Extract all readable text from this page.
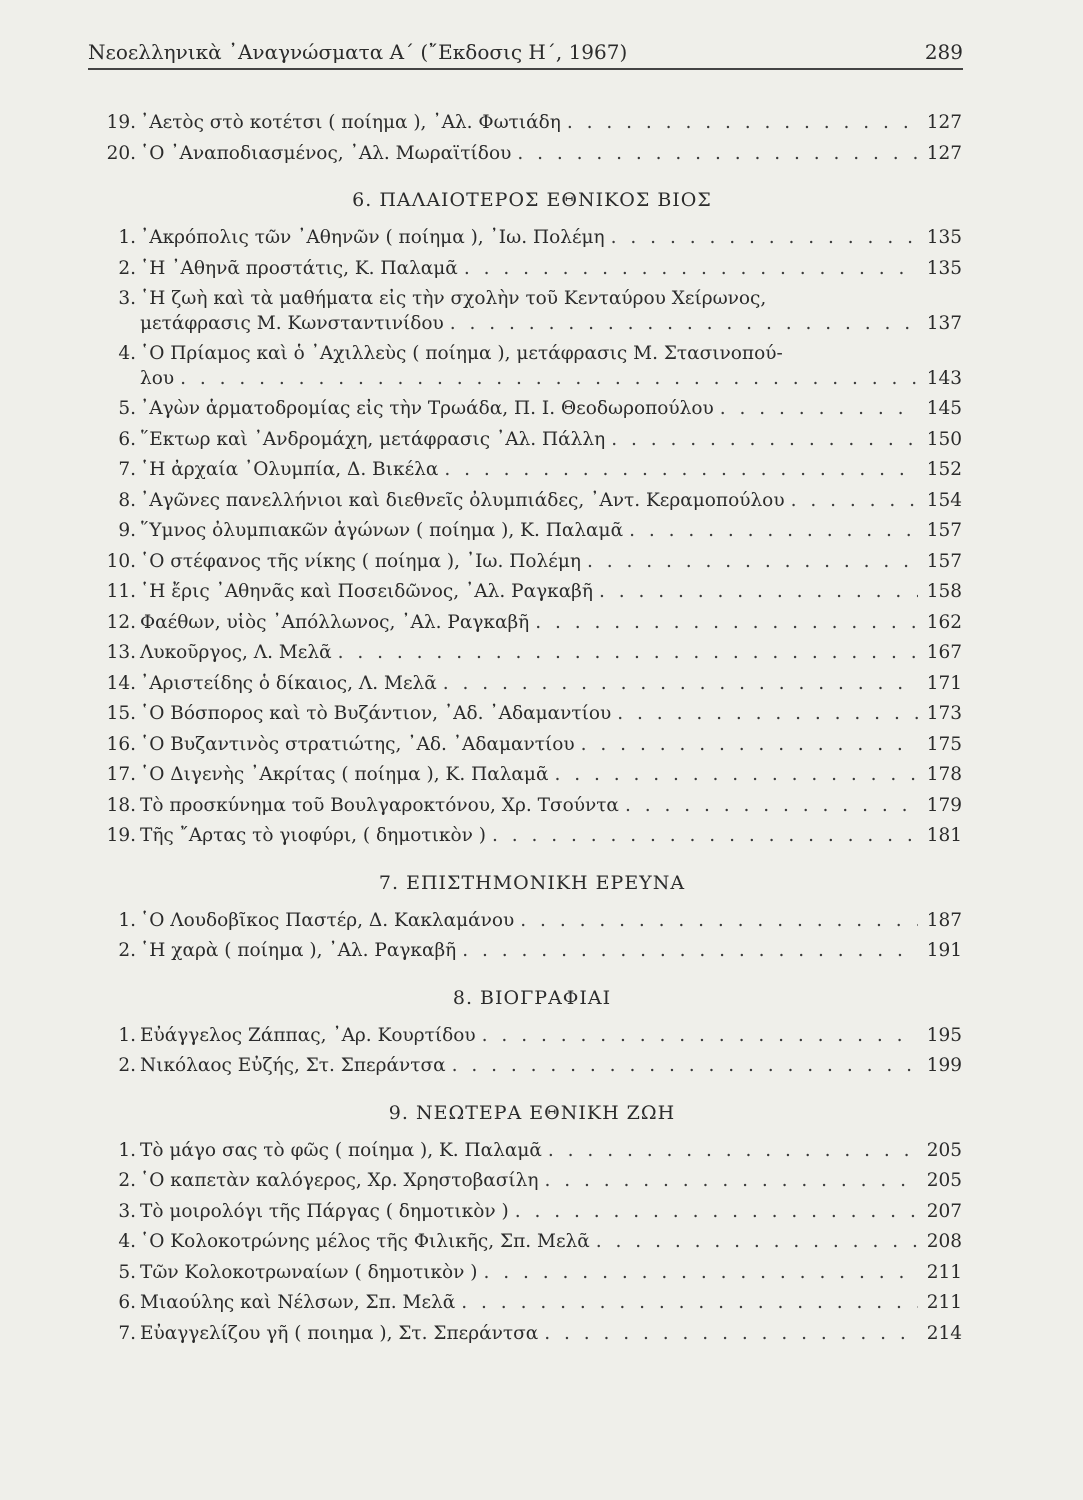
Νεοελληνικὰ ᾿Αναγνώσματα Α΄ (῎Εκδοσις Η΄, 1967)	289
19. ᾿Αετὸς στὸ κοτέτσι ( ποίημα ), ᾿Αλ. Φωτιάδη . . .	127
20. ῾Ο ᾿Αναποδιασμένος, ᾿Αλ. Μωραϊτίδου . . .	127
6. ΠΑΛΑΙΟΤΕΡΟΣ ΕΘΝΙΚΟΣ ΒΙΟΣ
1. ᾿Ακρόπολις τῶν ᾿Αθηνῶν ( ποίημα ), ᾿Ιω. Πολέμη . . .	135
2. ῾Η ᾿Αθηνᾶ προστάτις, Κ. Παλαμᾶ . . .	135
3. ῾Η ζωὴ καὶ τὰ μαθήματα εἰς τὴν σχολὴν τοῦ Κενταύρου Χείρωνος,
μετάφρασις Μ. Κωνσταντινίδου . . .	137
4. ῾Ο Πρίαμος καὶ ὁ ᾿Αχιλλεὺς ( ποίημα ), μετάφρασις Μ. Στασινοπού-
λου . . .	143
5. ᾿Αγὼν ἁρματοδρομίας εἰς τὴν Τρωάδα, Π. Ι. Θεοδωροπούλου . . .	145
6. ῞Εκτωρ καὶ ᾿Ανδρομάχη, μετάφρασις ᾿Αλ. Πάλλη . . .	150
7. ῾Η ἀρχαία ᾿Ολυμπία, Δ. Βικέλα . . .	152
8. ᾿Αγῶνες πανελλήνιοι καὶ διεθνεῖς ὀλυμπιάδες, ᾿Αντ. Κεραμοπούλου . . .	154
9. ῞Υμνος ὀλυμπιακῶν ἀγώνων ( ποίημα ), Κ. Παλαμᾶ . . .	157
10. ῾Ο στέφανος τῆς νίκης ( ποίημα ), ᾿Ιω. Πολέμη . . .	157
11. ῾Η ἔρις ᾿Αθηνᾶς καὶ Ποσειδῶνος, ᾿Αλ. Ραγκαβῆ . . .	158
12. Φαέθων, υἱὸς ᾿Απόλλωνος, ᾿Αλ. Ραγκαβῆ . . .	162
13. Λυκοῦργος, Λ. Μελᾶ . . .	167
14. ᾿Αριστείδης ὁ δίκαιος, Λ. Μελᾶ . . .	171
15. ῾Ο Βόσπορος καὶ τὸ Βυζάντιον, ᾿Αδ. ᾿Αδαμαντίου . . .	173
16. ῾Ο Βυζαντινὸς στρατιώτης, ᾿Αδ. ᾿Αδαμαντίου . . .	175
17. ῾Ο Διγενὴς ᾿Ακρίτας ( ποίημα ), Κ. Παλαμᾶ . . .	178
18. Τὸ προσκύνημα τοῦ Βουλγαροκτόνου, Χρ. Τσούντα . . .	179
19. Τῆς ῎Αρτας τὸ γιοφύρι, ( δημοτικὸν ) . . .	181
7. ΕΠΙΣΤΗΜΟΝΙΚΗ ΕΡΕΥΝΑ
1. ῾Ο Λουδοβῖκος Παστέρ, Δ. Κακλαμάνου . . .	187
2. ῾Η χαρὰ ( ποίημα ), ᾿Αλ. Ραγκαβῆ . . .	191
8. ΒΙΟΓΡΑΦΙΑΙ
1. Εὐάγγελος Ζάππας, ᾿Αρ. Κουρτίδου . . .	195
2. Νικόλαος Εὐζής, Στ. Σπεράντσα . . .	199
9. ΝΕΩΤΕΡΑ ΕΘΝΙΚΗ ΖΩΗ
1. Τὸ μάγο σας τὸ φῶς ( ποίημα ), Κ. Παλαμᾶ . . .	205
2. ῾Ο καπετὰν καλόγερος, Χρ. Χρηστοβασίλη . . .	205
3. Τὸ μοιρολόγι τῆς Πάργας ( δημοτικὸν ) . . .	207
4. ῾Ο Κολοκοτρώνης μέλος τῆς Φιλικῆς, Σπ. Μελᾶ . . .	208
5. Τῶν Κολοκοτρωναίων ( δημοτικὸν ) . . .	211
6. Μιαούλης καὶ Νέλσων, Σπ. Μελᾶ . . .	211
7. Εὐαγγελίζου γῆ ( ποιημα ), Στ. Σπεράντσα . . .	214
